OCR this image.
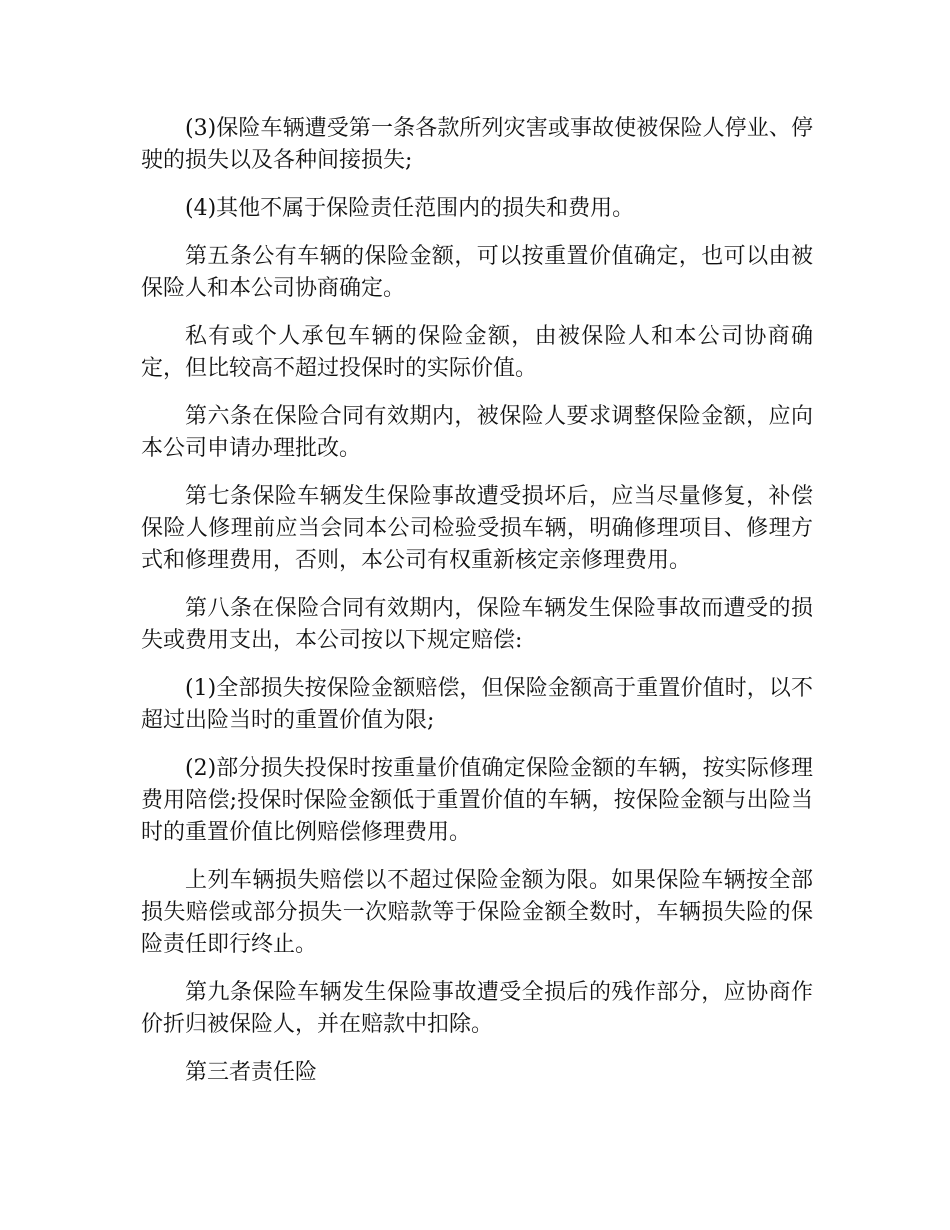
(3)保险车辆遭受第一条各款所列灾害或事故使被保险人停业、停驶的损失以及各种间接损失;

(4)其他不属于保险责任范围内的损失和费用。

第五条公有车辆的保险金额，可以按重置价值确定，也可以由被保险人和本公司协商确定。

私有或个人承包车辆的保险金额，由被保险人和本公司协商确定，但比较高不超过投保时的实际价值。

第六条在保险合同有效期内，被保险人要求调整保险金额，应向本公司申请办理批改。

第七条保险车辆发生保险事故遭受损坏后，应当尽量修复，补偿保险人修理前应当会同本公司检验受损车辆，明确修理项目、修理方式和修理费用，否则，本公司有权重新核定亲修理费用。

第八条在保险合同有效期内，保险车辆发生保险事故而遭受的损失或费用支出，本公司按以下规定赔偿:

(1)全部损失按保险金额赔偿，但保险金额高于重置价值时，以不超过出险当时的重置价值为限;

(2)部分损失投保时按重量价值确定保险金额的车辆，按实际修理费用陪偿;投保时保险金额低于重置价值的车辆，按保险金额与出险当时的重置价值比例赔偿修理费用。

上列车辆损失赔偿以不超过保险金额为限。如果保险车辆按全部损失赔偿或部分损失一次赔款等于保险金额全数时，车辆损失险的保险责任即行终止。

第九条保险车辆发生保险事故遭受全损后的残作部分，应协商作价折归被保险人，并在赔款中扣除。

第三者责任险
